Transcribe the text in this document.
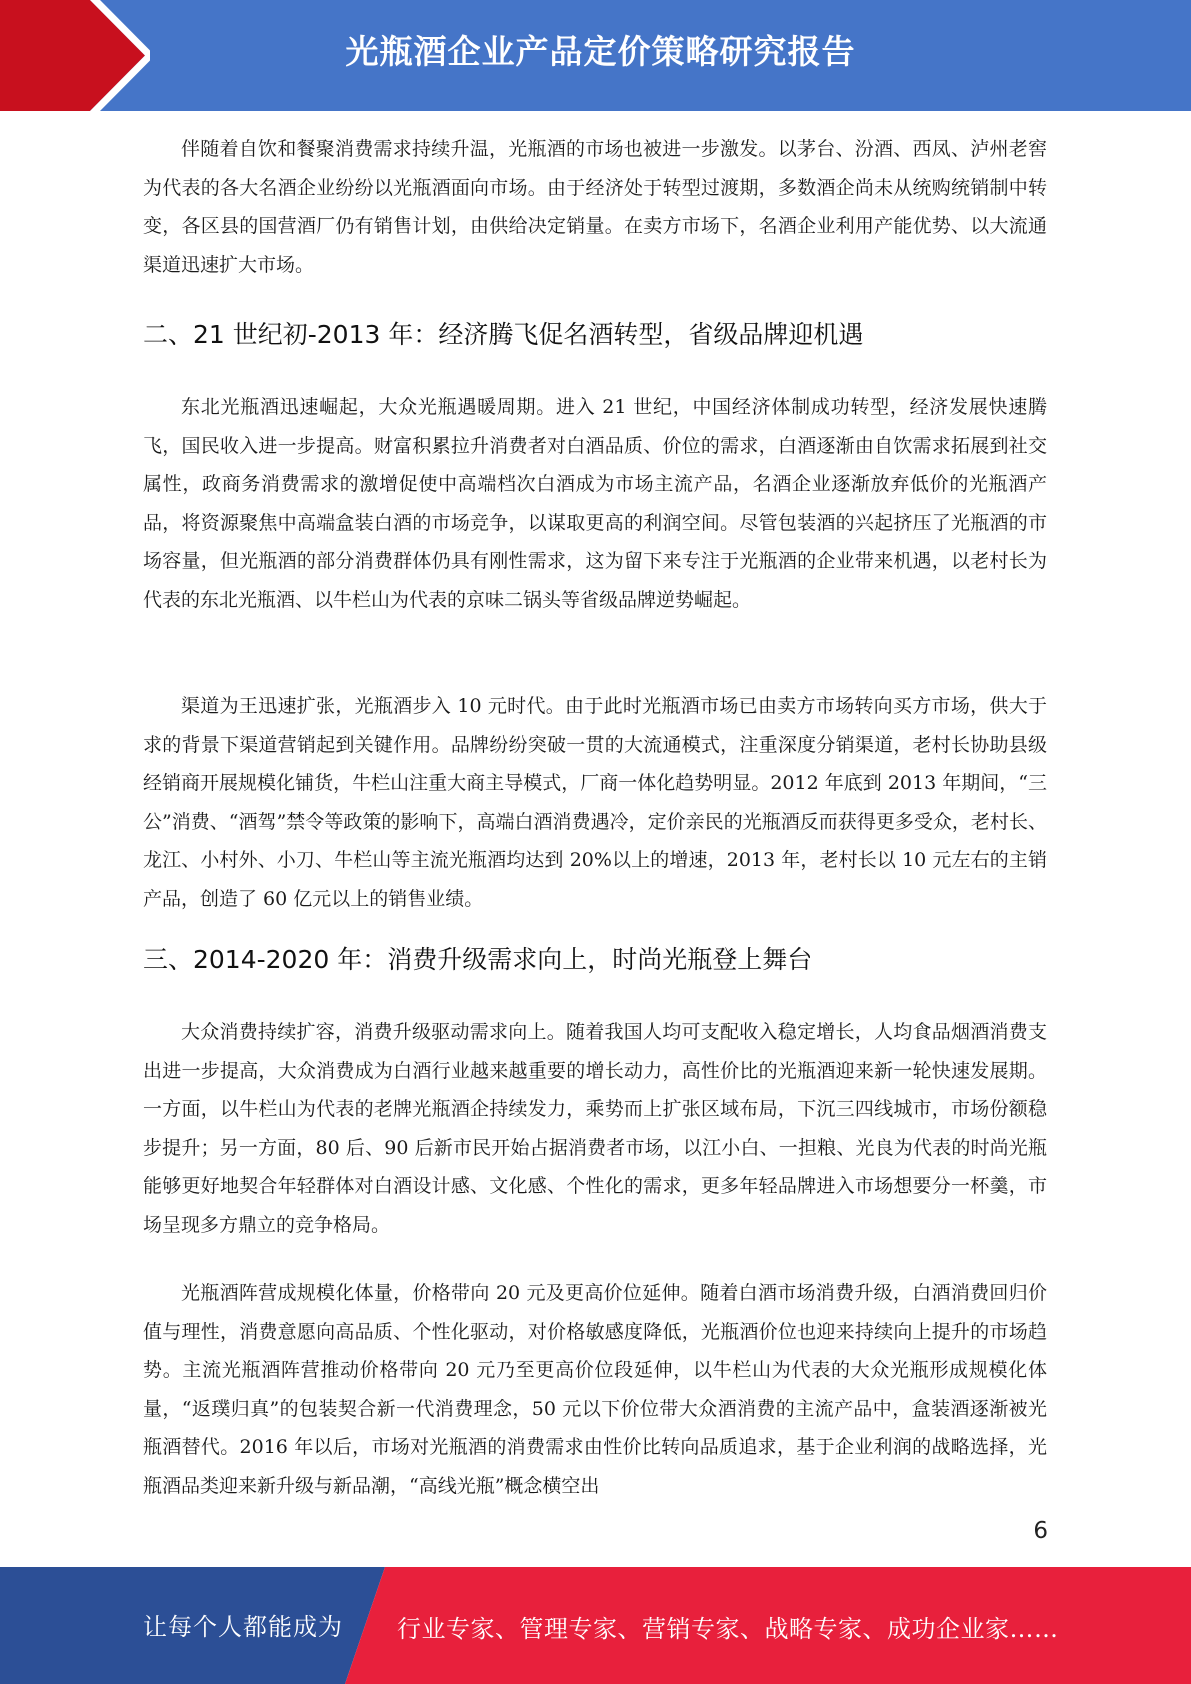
光瓶酒企业产品定价策略研究报告

伴随着自饮和餐聚消费需求持续升温，光瓶酒的市场也被进一步激发。以茅台、汾酒、西凤、泸州老窖为代表的各大名酒企业纷纷以光瓶酒面向市场。由于经济处于转型过渡期，多数酒企尚未从统购统销制中转变，各区县的国营酒厂仍有销售计划，由供给决定销量。在卖方市场下，名酒企业利用产能优势、以大流通渠道迅速扩大市场。

二、21 世纪初-2013 年：经济腾飞促名酒转型，省级品牌迎机遇

东北光瓶酒迅速崛起，大众光瓶遇暖周期。进入 21 世纪，中国经济体制成功转型，经济发展快速腾飞，国民收入进一步提高。财富积累拉升消费者对白酒品质、价位的需求，白酒逐渐由自饮需求拓展到社交属性，政商务消费需求的激增促使中高端档次白酒成为市场主流产品，名酒企业逐渐放弃低价的光瓶酒产品，将资源聚焦中高端盒装白酒的市场竞争，以谋取更高的利润空间。尽管包装酒的兴起挤压了光瓶酒的市场容量，但光瓶酒的部分消费群体仍具有刚性需求，这为留下来专注于光瓶酒的企业带来机遇，以老村长为代表的东北光瓶酒、以牛栏山为代表的京味二锅头等省级品牌逆势崛起。

渠道为王迅速扩张，光瓶酒步入 10 元时代。由于此时光瓶酒市场已由卖方市场转向买方市场，供大于求的背景下渠道营销起到关键作用。品牌纷纷突破一贯的大流通模式，注重深度分销渠道，老村长协助县级经销商开展规模化铺货，牛栏山注重大商主导模式，厂商一体化趋势明显。2012 年底到 2013 年期间，“三公”消费、“酒驾”禁令等政策的影响下，高端白酒消费遇冷，定价亲民的光瓶酒反而获得更多受众，老村长、龙江、小村外、小刀、牛栏山等主流光瓶酒均达到 20%以上的增速，2013 年，老村长以 10 元左右的主销产品，创造了 60 亿元以上的销售业绩。

三、2014-2020 年：消费升级需求向上，时尚光瓶登上舞台

大众消费持续扩容，消费升级驱动需求向上。随着我国人均可支配收入稳定增长，人均食品烟酒消费支出进一步提高，大众消费成为白酒行业越来越重要的增长动力，高性价比的光瓶酒迎来新一轮快速发展期。一方面，以牛栏山为代表的老牌光瓶酒企持续发力，乘势而上扩张区域布局，下沉三四线城市，市场份额稳步提升；另一方面，80 后、90 后新市民开始占据消费者市场，以江小白、一担粮、光良为代表的时尚光瓶能够更好地契合年轻群体对白酒设计感、文化感、个性化的需求，更多年轻品牌进入市场想要分一杯羹，市场呈现多方鼎立的竞争格局。

光瓶酒阵营成规模化体量，价格带向 20 元及更高价位延伸。随着白酒市场消费升级，白酒消费回归价值与理性，消费意愿向高品质、个性化驱动，对价格敏感度降低，光瓶酒价位也迎来持续向上提升的市场趋势。主流光瓶酒阵营推动价格带向 20 元乃至更高价位段延伸，以牛栏山为代表的大众光瓶形成规模化体量，“返璞归真”的包装契合新一代消费理念，50 元以下价位带大众酒消费的主流产品中，盒装酒逐渐被光瓶酒替代。2016 年以后，市场对光瓶酒的消费需求由性价比转向品质追求，基于企业利润的战略选择，光瓶酒品类迎来新升级与新品潮，“高线光瓶”概念横空出

6
让每个人都能成为 行业专家、管理专家、营销专家、战略专家、成功企业家……
